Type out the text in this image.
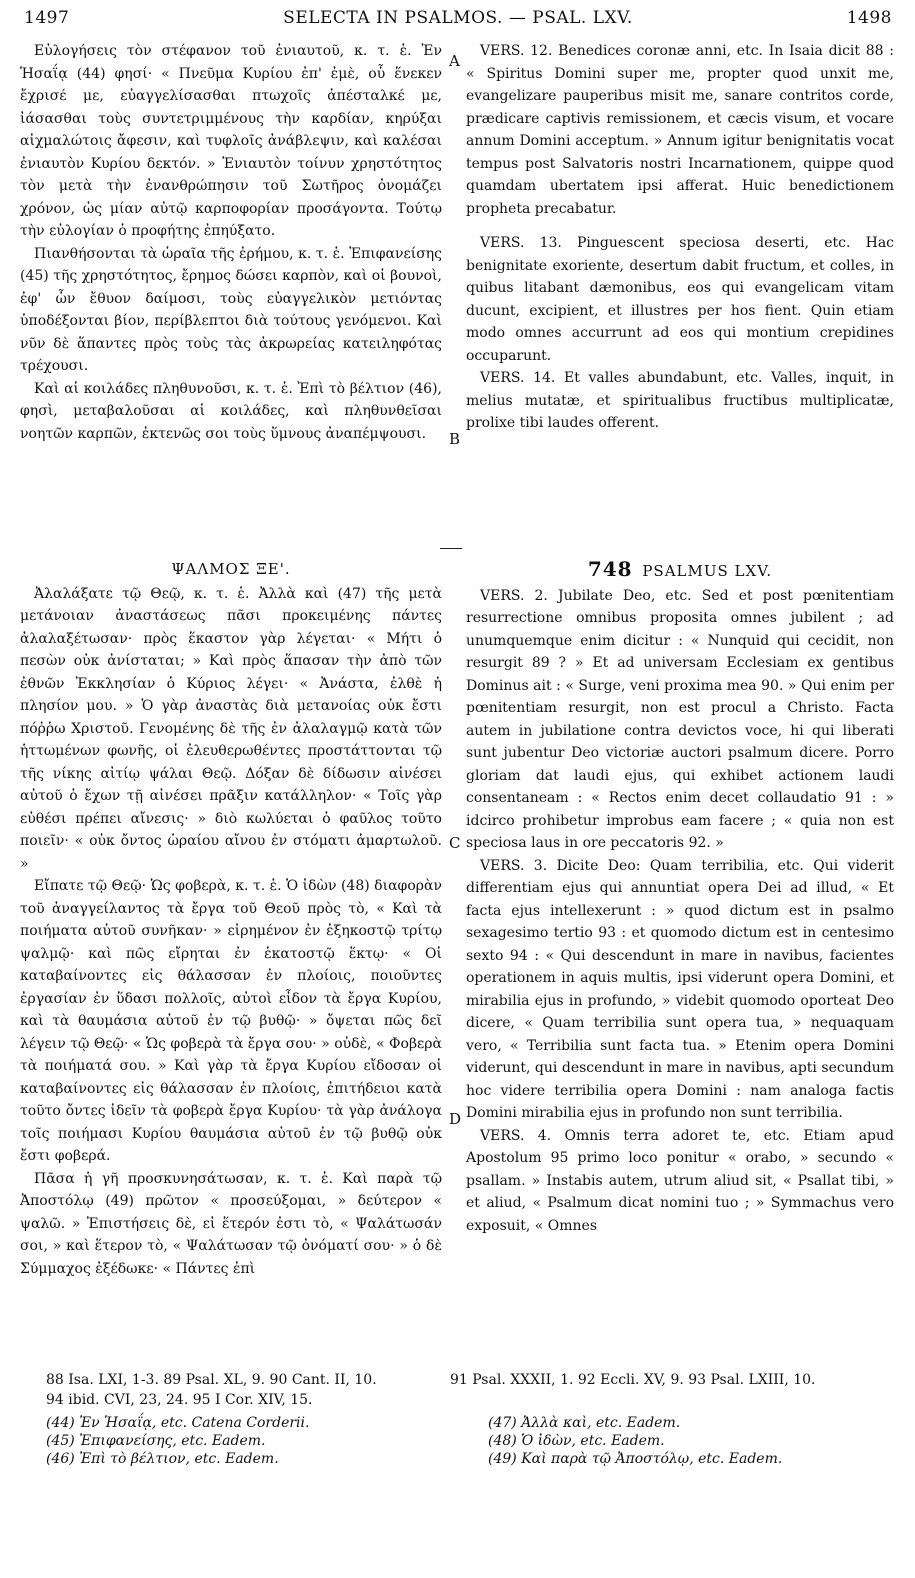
1497	SELECTA IN PSALMOS. — PSAL. LXV.	1498
A
B
C
D

Εὐλογήσεις τὸν στέφανον τοῦ ἐνιαυτοῦ, κ. τ. ἑ. Ἐν Ἡσαΐᾳ (44) φησί· « Πνεῦμα Κυρίου ἐπ' ἐμὲ, οὗ ἕνεκεν ἔχρισέ με, εὐαγγελίσασθαι πτωχοῖς ἀπέσταλκέ με, ἰάσασθαι τοὺς συντετριμμένους τὴν καρδίαν, κηρύξαι αἰχμαλώτοις ἄφεσιν, καὶ τυφλοῖς ἀνάβλεψιν, καὶ καλέσαι ἐνιαυτὸν Κυρίου δεκτόν. » Ἐνιαυτὸν τοίνυν χρηστότητος τὸν μετὰ τὴν ἐνανθρώπησιν τοῦ Σωτῆρος ὀνομάζει χρόνον, ὡς μίαν αὐτῷ καρποφορίαν προσάγοντα. Τούτῳ τὴν εὐλογίαν ὁ προφήτης ἐπηύξατο.

Πιανθήσονται τὰ ὡραῖα τῆς ἐρήμου, κ. τ. ἑ. Ἐπιφανείσης (45) τῆς χρηστότητος, ἔρημος δώσει καρπὸν, καὶ οἱ βουνοὶ, ἐφ' ὧν ἔθυον δαίμοσι, τοὺς εὐαγγελικὸν μετιόντας ὑποδέξονται βίον, περίβλεπτοι διὰ τούτους γενόμενοι. Καὶ νῦν δὲ ἅπαντες πρὸς τοὺς τὰς ἀκρωρείας κατειληφότας τρέχουσι.

Καὶ αἱ κοιλάδες πληθυνοῦσι, κ. τ. ἑ. Ἐπὶ τὸ βέλτιον (46), φησὶ, μεταβαλοῦσαι αἱ κοιλάδες, καὶ πληθυνθεῖσαι νοητῶν καρπῶν, ἐκτενῶς σοι τοὺς ὕμνους ἀναπέμψουσι.

VERS. 12. Benedices coronæ anni, etc. In Isaia dicit 88 : « Spiritus Domini super me, propter quod unxit me, evangelizare pauperibus misit me, sanare contritos corde, prædicare captivis remissionem, et cæcis visum, et vocare annum Domini acceptum. » Annum igitur benignitatis vocat tempus post Salvatoris nostri Incarnationem, quippe quod quamdam ubertatem ipsi afferat. Huic benedictionem propheta precabatur.

VERS. 13. Pinguescent speciosa deserti, etc. Hac benignitate exoriente, desertum dabit fructum, et colles, in quibus litabant dæmonibus, eos qui evangelicam vitam ducunt, excipient, et illustres per hos fient. Quin etiam modo omnes accurrunt ad eos qui montium crepidines occuparunt.

VERS. 14. Et valles abundabunt, etc. Valles, inquit, in melius mutatæ, et spiritualibus fructibus multiplicatæ, prolixe tibi laudes offerent.

ΨΑΛΜΟΣ ΞΕ'.

Ἀλαλάξατε τῷ Θεῷ, κ. τ. ἑ. Ἀλλὰ καὶ (47) τῆς μετὰ μετάνοιαν ἀναστάσεως πᾶσι προκειμένης πάντες ἀλαλαξέτωσαν· πρὸς ἕκαστον γὰρ λέγεται· « Μήτι ὁ πεσὼν οὐκ ἀνίσταται; » Καὶ πρὸς ἅπασαν τὴν ἀπὸ τῶν ἐθνῶν Ἐκκλησίαν ὁ Κύριος λέγει· « Ἀνάστα, ἐλθὲ ἡ πλησίον μου. » Ὁ γὰρ ἀναστὰς διὰ μετανοίας οὐκ ἔστι πόῤῥω Χριστοῦ. Γενομένης δὲ τῆς ἐν ἀλαλαγμῷ κατὰ τῶν ἡττωμένων φωνῆς, οἱ ἐλευθερωθέντες προστάττονται τῷ τῆς νίκης αἰτίῳ ψάλαι Θεῷ. Δόξαν δὲ δίδωσιν αἰνέσει αὐτοῦ ὁ ἔχων τῇ αἰνέσει πρᾶξιν κατάλληλον· « Τοῖς γὰρ εὐθέσι πρέπει αἴνεσις· » διὸ κωλύεται ὁ φαῦλος τοῦτο ποιεῖν· « οὐκ ὄντος ὡραίου αἴνου ἐν στόματι ἁμαρτωλοῦ. »

Εἴπατε τῷ Θεῷ· Ὡς φοβερὰ, κ. τ. ἑ. Ὁ ἰδὼν (48) διαφορὰν τοῦ ἀναγγείλαντος τὰ ἔργα τοῦ Θεοῦ πρὸς τὸ, « Καὶ τὰ ποιήματα αὐτοῦ συνῆκαν· » εἰρημένον ἐν ἑξηκοστῷ τρίτῳ ψαλμῷ· καὶ πῶς εἴρηται ἐν ἑκατοστῷ ἕκτῳ· « Οἱ καταβαίνοντες εἰς θάλασσαν ἐν πλοίοις, ποιοῦντες ἐργασίαν ἐν ὕδασι πολλοῖς, αὐτοὶ εἶδον τὰ ἔργα Κυρίου, καὶ τὰ θαυμάσια αὐτοῦ ἐν τῷ βυθῷ· » ὄψεται πῶς δεῖ λέγειν τῷ Θεῷ· « Ὡς φοβερὰ τὰ ἔργα σου· » οὐδὲ, « Φοβερὰ τὰ ποιήματά σου. » Καὶ γὰρ τὰ ἔργα Κυρίου εἴδοσαν οἱ καταβαίνοντες εἰς θάλασσαν ἐν πλοίοις, ἐπιτήδειοι κατὰ τοῦτο ὄντες ἰδεῖν τὰ φοβερὰ ἔργα Κυρίου· τὰ γὰρ ἀνάλογα τοῖς ποιήμασι Κυρίου θαυμάσια αὐτοῦ ἐν τῷ βυθῷ οὐκ ἔστι φοβερά.

Πᾶσα ἡ γῆ προσκυνησάτωσαν, κ. τ. ἑ. Καὶ παρὰ τῷ Ἀποστόλῳ (49) πρῶτον « προσεύξομαι, » δεύτερον « ψαλῶ. » Ἐπιστήσεις δὲ, εἰ ἕτερόν ἐστι τὸ, « Ψαλάτωσάν σοι, » καὶ ἕτερον τὸ, « Ψαλάτωσαν τῷ ὀνόματί σου· » ὁ δὲ Σύμμαχος ἐξέδωκε· « Πάντες ἐπὶ

748 PSALMUS LXV.

VERS. 2. Jubilate Deo, etc. Sed et post pœnitentiam resurrectione omnibus proposita omnes jubilent ; ad unumquemque enim dicitur : « Nunquid qui cecidit, non resurgit 89 ? » Et ad universam Ecclesiam ex gentibus Dominus ait : « Surge, veni proxima mea 90. » Qui enim per pœnitentiam resurgit, non est procul a Christo. Facta autem in jubilatione contra devictos voce, hi qui liberati sunt jubentur Deo victoriæ auctori psalmum dicere. Porro gloriam dat laudi ejus, qui exhibet actionem laudi consentaneam : « Rectos enim decet collaudatio 91 : » idcirco prohibetur improbus eam facere ; « quia non est speciosa laus in ore peccatoris 92. »

VERS. 3. Dicite Deo: Quam terribilia, etc. Qui viderit differentiam ejus qui annuntiat opera Dei ad illud, « Et facta ejus intellexerunt : » quod dictum est in psalmo sexagesimo tertio 93 : et quomodo dictum est in centesimo sexto 94 : « Qui descendunt in mare in navibus, facientes operationem in aquis multis, ipsi viderunt opera Domini, et mirabilia ejus in profundo, » videbit quomodo oporteat Deo dicere, « Quam terribilia sunt opera tua, » nequaquam vero, « Terribilia sunt facta tua. » Etenim opera Domini viderunt, qui descendunt in mare in navibus, apti secundum hoc videre terribilia opera Domini : nam analoga factis Domini mirabilia ejus in profundo non sunt terribilia.

VERS. 4. Omnis terra adoret te, etc. Etiam apud Apostolum 95 primo loco ponitur « orabo, » secundo « psallam. » Instabis autem, utrum aliud sit, « Psallat tibi, » et aliud, « Psalmum dicat nomini tuo ; » Symmachus vero exposuit, « Omnes

88 Isa. LXI, 1-3. 89 Psal. XL, 9. 90 Cant. II, 10.	91 Psal. XXXII, 1. 92 Eccli. XV, 9. 93 Psal. LXIII, 10.
94 ibid. CVI, 23, 24. 95 I Cor. XIV, 15.
(44) Ἐν Ἡσαΐᾳ, etc. Catena Corderii.
(45) Ἐπιφανείσης, etc. Eadem.
(46) Ἐπὶ τὸ βέλτιον, etc. Eadem.
(47) Ἀλλὰ καὶ, etc. Eadem.
(48) Ὁ ἰδὼν, etc. Eadem.
(49) Καὶ παρὰ τῷ Ἀποστόλῳ, etc. Eadem.
